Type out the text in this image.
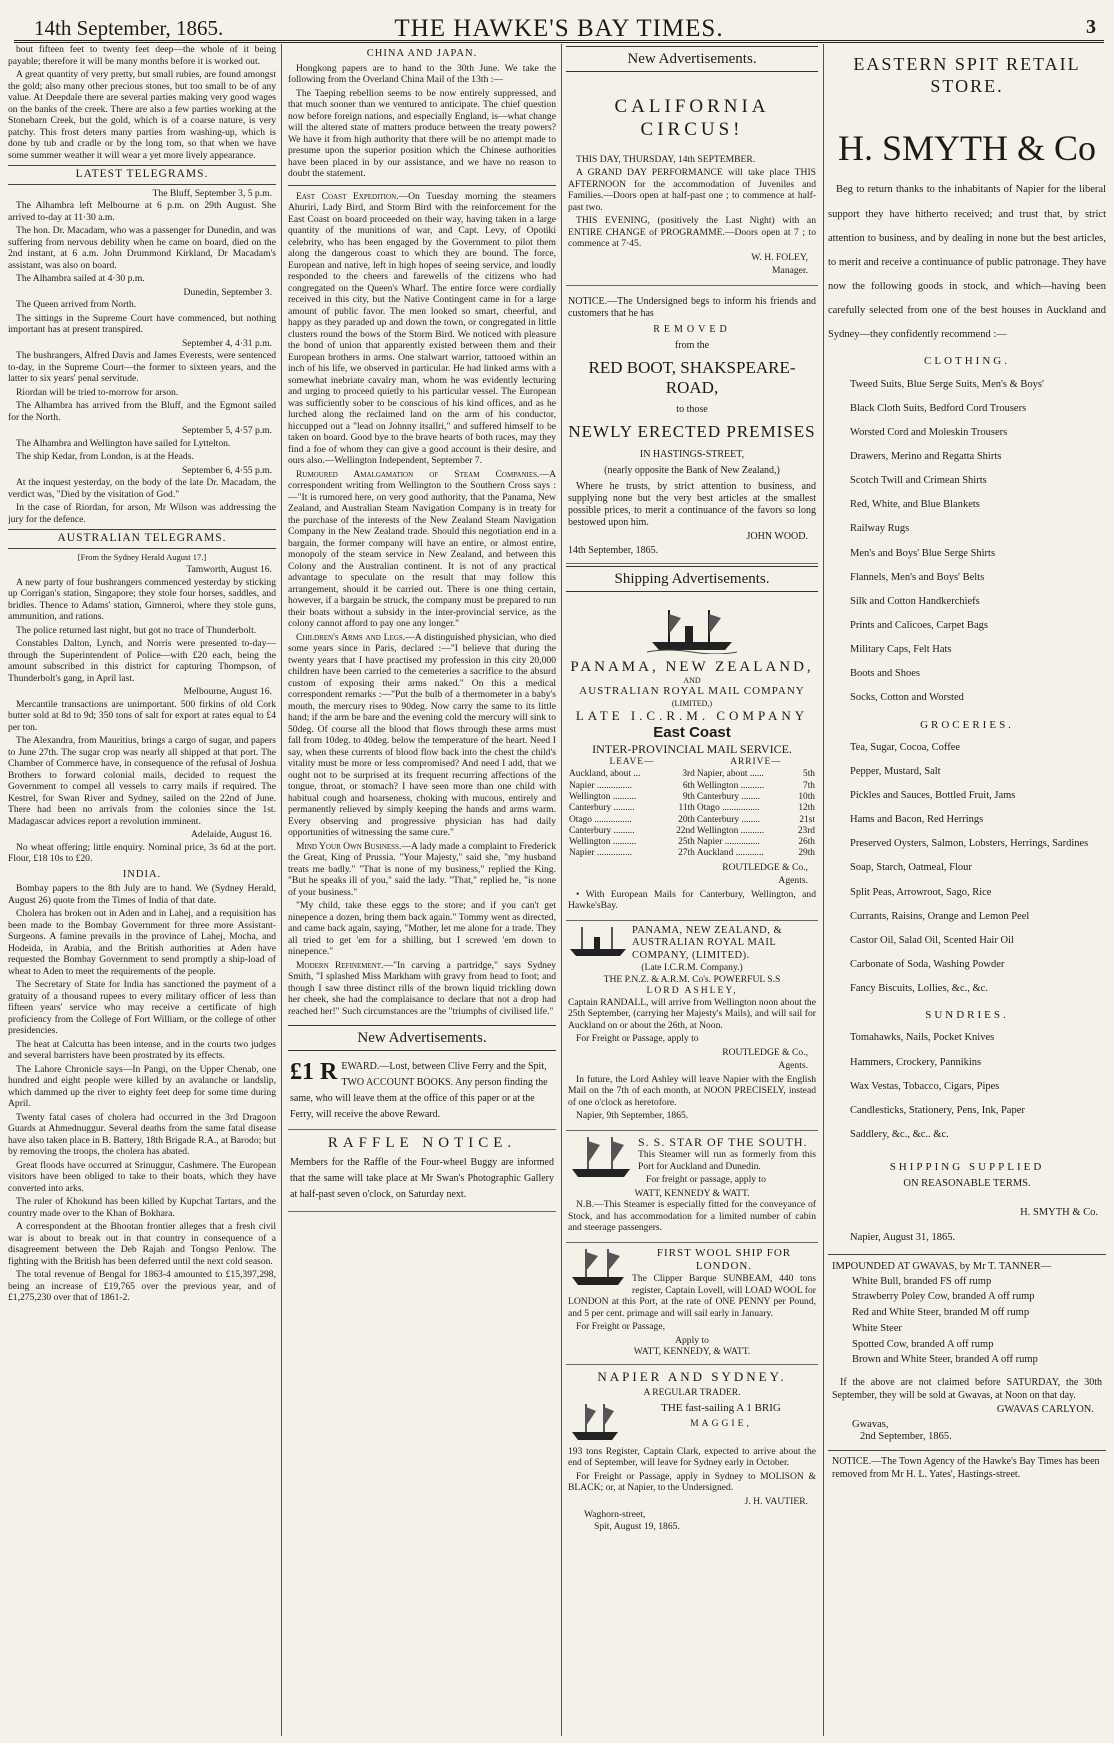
14th September, 1865.	THE HAWKE'S BAY TIMES.	3

bout fifteen feet to twenty feet deep—the whole of it being payable; therefore it will be many months before it is worked out.

A great quantity of very pretty, but small rubies, are found amongst the gold; also many other precious stones, but too small to be of any value. At Deepdale there are several parties making very good wages on the banks of the creek. There are also a few parties working at the Stonebarn Creek, but the gold, which is of a coarse nature, is very patchy. This frost deters many parties from washing-up, which is done by tub and cradle or by the long tom, so that when we have some summer weather it will wear a yet more lively appearance.

LATEST TELEGRAMS.
The Bluff, September 3, 5 p.m.

The Alhambra left Melbourne at 6 p.m. on 29th August. She arrived to-day at 11·30 a.m.

The hon. Dr. Macadam, who was a passenger for Dunedin, and was suffering from nervous debility when he came on board, died on the 2nd instant, at 6 a.m. John Drummond Kirkland, Dr Macadam's assistant, was also on board.

The Alhambra sailed at 4·30 p.m.

Dunedin, September 3.

The Queen arrived from North.

The sittings in the Supreme Court have commenced, but nothing important has at present transpired.

September 4, 4·31 p.m.

The bushrangers, Alfred Davis and James Everests, were sentenced to-day, in the Supreme Court—the former to sixteen years, and the latter to six years' penal servitude.

Riordan will be tried to-morrow for arson.

The Alhambra has arrived from the Bluff, and the Egmont sailed for the North.

September 5, 4·57 p.m.

The Alhambra and Wellington have sailed for Lyttelton.

The ship Kedar, from London, is at the Heads.

September 6, 4·55 p.m.

At the inquest yesterday, on the body of the late Dr. Macadam, the verdict was, "Died by the visitation of God."

In the case of Riordan, for arson, Mr Wilson was addressing the jury for the defence.

AUSTRALIAN TELEGRAMS.
[From the Sydney Herald August 17.]
Tamworth, August 16.

A new party of four bushrangers commenced yesterday by sticking up Corrigan's station, Singapore; they stole four horses, saddles, and bridles. Thence to Adams' station, Gimneroi, where they stole guns, ammunition, and rations.

The police returned last night, but got no trace of Thunderbolt.

Constables Dalton, Lynch, and Norris were presented to-day—through the Superintendent of Police—with £20 each, being the amount subscribed in this district for capturing Thompson, of Thunderbolt's gang, in April last.

Melbourne, August 16.

Mercantile transactions are unimportant. 500 firkins of old Cork butter sold at 8d to 9d; 350 tons of salt for export at rates equal to £4 per ton.

The Alexandra, from Mauritius, brings a cargo of sugar, and papers to June 27th. The sugar crop was nearly all shipped at that port. The Chamber of Commerce have, in consequence of the refusal of Joshua Brothers to forward colonial mails, decided to request the Government to compel all vessels to carry mails if required. The Kestrel, for Swan River and Sydney, sailed on the 22nd of June. There had been no arrivals from the colonies since the 1st. Madagascar advices report a revolution imminent.

Adelaide, August 16.

No wheat offering; little enquiry. Nominal price, 3s 6d at the port. Flour, £18 10s to £20.

INDIA.

Bombay papers to the 8th July are to hand. We (Sydney Herald, August 26) quote from the Times of India of that date.

Cholera has broken out in Aden and in Lahej, and a requisition has been made to the Bombay Government for three more Assistant-Surgeons. A famine prevails in the province of Lahej, Mocha, and Hodeida, in Arabia, and the British authorities at Aden have requested the Bombay Government to send promptly a ship-load of wheat to Aden to meet the requirements of the people.

The Secretary of State for India has sanctioned the payment of a gratuity of a thousand rupees to every military officer of less than fifteen years' service who may receive a certificate of high proficiency from the College of Fort William, or the college of other presidencies.

The heat at Calcutta has been intense, and in the courts two judges and several barristers have been prostrated by its effects.

The Lahore Chronicle says—In Pangi, on the Upper Chenab, one hundred and eight people were killed by an avalanche or landslip, which dammed up the river to eighty feet deep for some time during April.

Twenty fatal cases of cholera had occurred in the 3rd Dragoon Guards at Ahmednuggur. Several deaths from the same fatal disease have also taken place in B. Battery, 18th Brigade R.A., at Barodo; but by removing the troops, the cholera has abated.

Great floods have occurred at Srinuggur, Cashmere. The European visitors have been obliged to take to their boats, which they have converted into arks.

The ruler of Khokund has been killed by Kupchat Tartars, and the country made over to the Khan of Bokhara.

A correspondent at the Bhootan frontier alleges that a fresh civil war is about to break out in that country in consequence of a disagreement between the Deb Rajah and Tongso Penlow. The fighting with the British has been deferred until the next cold season.

The total revenue of Bengal for 1863-4 amounted to £15,397,298, being an increase of £19,765 over the previous year, and of £1,275,230 over that of 1861-2.

CHINA AND JAPAN.

Hongkong papers are to hand to the 30th June. We take the following from the Overland China Mail of the 13th :—

The Taeping rebellion seems to be now entirely suppressed, and that much sooner than we ventured to anticipate. The chief question now before foreign nations, and especially England, is—what change will the altered state of matters produce between the treaty powers? We have it from high authority that there will be no attempt made to presume upon the superior position which the Chinese authorities have been placed in by our assistance, and we have no reason to doubt the statement.

East Coast Expedition.—On Tuesday morning the steamers Ahuriri, Lady Bird, and Storm Bird with the reinforcement for the East Coast on board proceeded on their way, having taken in a large quantity of the munitions of war, and Capt. Levy, of Opotiki celebrity, who has been engaged by the Government to pilot them along the dangerous coast to which they are bound. The force, European and native, left in high hopes of seeing service, and loudly responded to the cheers and farewells of the citizens who had congregated on the Queen's Wharf. The entire force were cordially received in this city, but the Native Contingent came in for a large amount of public favor. The men looked so smart, cheerful, and happy as they paraded up and down the town, or congregated in little clusters round the bows of the Storm Bird. We noticed with pleasure the bond of union that apparently existed between them and their European brothers in arms. One stalwart warrior, tattooed within an inch of his life, we observed in particular. He had linked arms with a somewhat inebriate cavalry man, whom he was evidently lecturing and urging to proceed quietly to his particular vessel. The European was sufficiently sober to be conscious of his kind offices, and as he lurched along the reclaimed land on the arm of his conductor, hiccupped out a "lead on Johnny itsallri," and suffered himself to be taken on board. Good bye to the brave hearts of both races, may they find a foe of whom they can give a good account is their desire, and ours also.—Wellington Independent, September 7.

Rumoured Amalgamation of Steam Companies.—A correspondent writing from Wellington to the Southern Cross says :—"It is rumored here, on very good authority, that the Panama, New Zealand, and Australian Steam Navigation Company is in treaty for the purchase of the interests of the New Zealand Steam Navigation Company in the New Zealand trade. Should this negotiation end in a bargain, the former company will have an entire, or almost entire, monopoly of the steam service in New Zealand, and between this Colony and the Australian continent. It is not of any practical advantage to speculate on the result that may follow this arrangement, should it be carried out. There is one thing certain, however, if a bargain be struck, the company must be prepared to run their boats without a subsidy in the inter-provincial service, as the colony cannot afford to pay one any longer."

Children's Arms and Legs.—A distinguished physician, who died some years since in Paris, declared :—"I believe that during the twenty years that I have practised my profession in this city 20,000 children have been carried to the cemeteries a sacrifice to the absurd custom of exposing their arms naked." On this a medical correspondent remarks :—"Put the bulb of a thermometer in a baby's mouth, the mercury rises to 90deg. Now carry the same to its little hand; if the arm be bare and the evening cold the mercury will sink to 50deg. Of course all the blood that flows through these arms must fall from 10deg. to 40deg. below the temperature of the heart. Need I say, when these currents of blood flow back into the chest the child's vitality must be more or less compromised? And need I add, that we ought not to be surprised at its frequent recurring affections of the tongue, throat, or stomach? I have seen more than one child with habitual cough and hoarseness, choking with mucous, entirely and permanently relieved by simply keeping the hands and arms warm. Every observing and progressive physician has had daily opportunities of witnessing the same cure."

Mind Your Own Business.—A lady made a complaint to Frederick the Great, King of Prussia. "Your Majesty," said she, "my husband treats me badly." "That is none of my business," replied the King. "But he speaks ill of you," said the lady. "That," replied he, "is none of your business."

"My child, take these eggs to the store; and if you can't get ninepence a dozen, bring them back again." Tommy went as directed, and came back again, saying, "Mother, let me alone for a trade. They all tried to get 'em for a shilling, but I screwed 'em down to ninepence."

Modern Refinement.—"In carving a partridge," says Sydney Smith, "I splashed Miss Markham with gravy from head to foot; and though I saw three distinct rills of the brown liquid trickling down her cheek, she had the complaisance to declare that not a drop had reached her!" Such circumstances are the "triumphs of civilised life."

New Advertisements.
£1 R EWARD.—Lost, between Clive Ferry and the Spit, TWO ACCOUNT BOOKS. Any person finding the same, who will leave them at the office of this paper or at the Ferry, will receive the above Reward.
RAFFLE NOTICE.

Members for the Raffle of the Four-wheel Buggy are informed that the same will take place at Mr Swan's Photographic Gallery at half-past seven o'clock, on Saturday next.

New Advertisements.
CALIFORNIA CIRCUS!

THIS DAY, THURSDAY, 14th SEPTEMBER.

A GRAND DAY PERFORMANCE will take place THIS AFTERNOON for the accommodation of Juveniles and Families.—Doors open at half-past one ; to commence at half-past two.

THIS EVENING, (positively the Last Night) with an ENTIRE CHANGE of PROGRAMME.—Doors open at 7 ; to commence at 7·45.

W. H. FOLEY,
Manager.

NOTICE.—The Undersigned begs to inform his friends and customers that he has

REMOVED
from the
RED BOOT, SHAKSPEARE-ROAD,
to those
NEWLY ERECTED PREMISES
IN HASTINGS-STREET,
(nearly opposite the Bank of New Zealand,)

Where he trusts, by strict attention to business, and supplying none but the very best articles at the smallest possible prices, to merit a continuance of the favors so long bestowed upon him.

JOHN WOOD.
14th September, 1865.
Shipping Advertisements.
PANAMA, NEW ZEALAND,
AND
AUSTRALIAN ROYAL MAIL COMPANY
(LIMITED,)
LATE I.C.R.M. COMPANY
East Coast
INTER-PROVINCIAL MAIL SERVICE.
LEAVE—		ARRIVE—	
Auckland, about ...	3rd	Napier, about ......	5th
Napier ...............	6th	Wellington ..........	7th
Wellington ..........	9th	Canterbury ........	10th
Canterbury .........	11th	Otago ................	12th
Otago ................	20th	Canterbury ........	21st
Canterbury .........	22nd	Wellington ..........	23rd
Wellington ..........	25th	Napier ...............	26th
Napier ...............	27th	Auckland ............	29th
ROUTLEDGE & Co.,
Agents.

• With European Mails for Canterbury, Wellington, and Hawke'sBay.

PANAMA, NEW ZEALAND, & AUSTRALIAN ROYAL MAIL COMPANY, (LIMITED).
(Late I.C.R.M. Company.)
THE P.N.Z. & A.R.M. Co's. POWERFUL S.S
LORD ASHLEY,

Captain RANDALL, will arrive from Wellington noon about the 25th September, (carrying her Majesty's Mails), and will sail for Auckland on or about the 26th, at Noon.

For Freight or Passage, apply to

ROUTLEDGE & Co.,
Agents.

In future, the Lord Ashley will leave Napier with the English Mail on the 7th of each month, at NOON PRECISELY, instead of one o'clock as heretofore.

Napier, 9th September, 1865.

S. S. STAR OF THE SOUTH.

This Steamer will run as formerly from this Port for Auckland and Dunedin.

For freight or passage, apply to

WATT, KENNEDY & WATT.

N.B.—This Steamer is especially fitted for the conveyance of Stock, and has accommodation for a limited number of cabin and steerage passengers.

FIRST WOOL SHIP FOR LONDON.

The Clipper Barque SUNBEAM, 440 tons register, Captain Lovell, will LOAD WOOL for LONDON at this Port, at the rate of ONE PENNY per Pound, and 5 per cent. primage and will sail early in January.

For Freight or Passage,

Apply to
WATT, KENNEDY, & WATT.
NAPIER AND SYDNEY.
A REGULAR TRADER.
THE fast-sailing A 1 BRIG
MAGGIE,

193 tons Register, Captain Clark, expected to arrive about the end of September, will leave for Sydney early in October.

For Freight or Passage, apply in Sydney to MOLISON & BLACK; or, at Napier, to the Undersigned.

J. H. VAUTIER.
Waghorn-street,
Spit, August 19, 1865.
EASTERN SPIT RETAIL STORE.
H. SMYTH & Co

Beg to return thanks to the inhabitants of Napier for the liberal support they have hitherto received; and trust that, by strict attention to business, and by dealing in none but the best articles, to merit and receive a continuance of public patronage. They have now the following goods in stock, and which—having been carefully selected from one of the best houses in Auckland and Sydney—they confidently recommend :—

CLOTHING.
Tweed Suits, Blue Serge Suits, Men's & Boys'
Black Cloth Suits, Bedford Cord Trousers
Worsted Cord and Moleskin Trousers
Drawers, Merino and Regatta Shirts
Scotch Twill and Crimean Shirts
Red, White, and Blue Blankets
Railway Rugs
Men's and Boys' Blue Serge Shirts
Flannels, Men's and Boys' Belts
Silk and Cotton Handkerchiefs
Prints and Calicoes, Carpet Bags
Military Caps, Felt Hats
Boots and Shoes
Socks, Cotton and Worsted
GROCERIES.
Tea, Sugar, Cocoa, Coffee
Pepper, Mustard, Salt
Pickles and Sauces, Bottled Fruit, Jams
Hams and Bacon, Red Herrings
Preserved Oysters, Salmon, Lobsters, Herrings, Sardines
Soap, Starch, Oatmeal, Flour
Split Peas, Arrowroot, Sago, Rice
Currants, Raisins, Orange and Lemon Peel
Castor Oil, Salad Oil, Scented Hair Oil
Carbonate of Soda, Washing Powder
Fancy Biscuits, Lollies, &c., &c.
SUNDRIES.
Tomahawks, Nails, Pocket Knives
Hammers, Crockery, Pannikins
Wax Vestas, Tobacco, Cigars, Pipes
Candlesticks, Stationery, Pens, Ink, Paper
Saddlery, &c., &c.. &c.
SHIPPING SUPPLIED
ON REASONABLE TERMS.
H. SMYTH & Co.
Napier, August 31, 1865.
IMPOUNDED AT GWAVAS, by Mr T. TANNER—
White Bull, branded FS off rump
Strawberry Poley Cow, branded A off rump
Red and White Steer, branded M off rump
White Steer
Spotted Cow, branded A off rump
Brown and White Steer, branded A off rump

If the above are not claimed before SATURDAY, the 30th September, they will be sold at Gwavas, at Noon on that day.

GWAVAS CARLYON.
Gwavas,
2nd September, 1865.
NOTICE.—The Town Agency of the Hawke's Bay Times has been removed from Mr H. L. Yates', Hastings-street.
